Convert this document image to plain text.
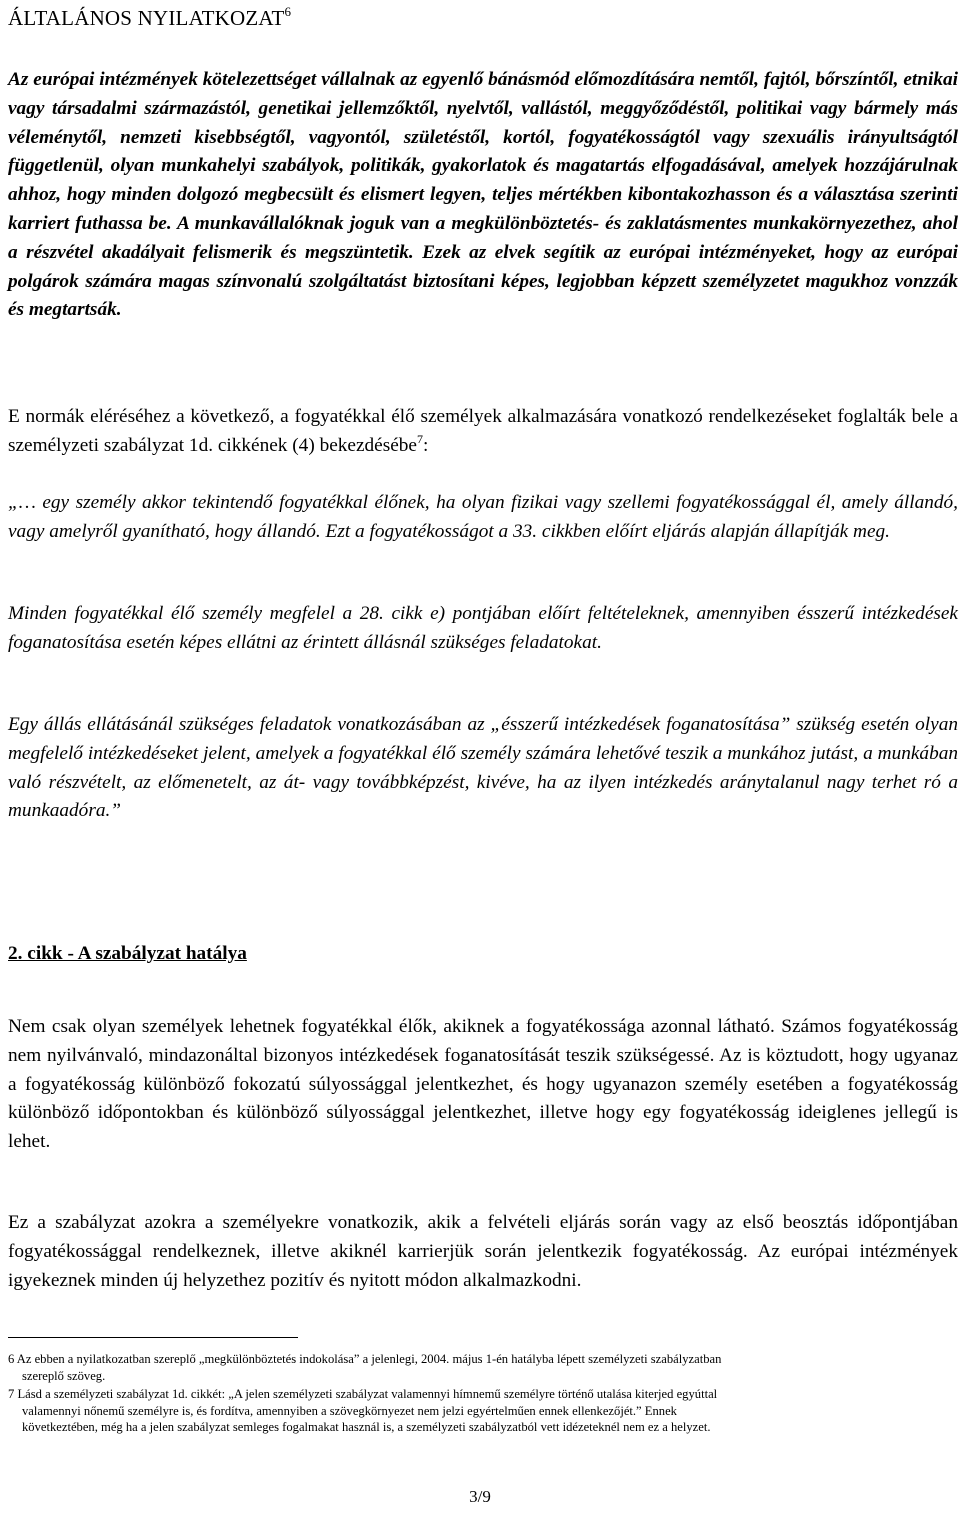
ÁLTALÁNOS NYILATKOZAT$^6$

Az európai intézmények kötelezettséget vállalnak az egyenlő bánásmód előmozdítására nemtől, fajtól, bőrszíntől, etnikai vagy társadalmi származástól, genetikai jellemzőktől, nyelvtől, vallástól, meggyőződéstől, politikai vagy bármely más véleménytől, nemzeti kisebbségtől, vagyontól, születéstől, kortól, fogyatékosságtól vagy szexuális irányultságtól függetlenül, olyan munkahelyi szabályok, politikák, gyakorlatok és magatartás elfogadásával, amelyek hozzájárulnak ahhoz, hogy minden dolgozó megbecsült és elismert legyen, teljes mértékben kibontakozhasson és a választása szerinti karriert futhassa be. A munkavállalóknak joguk van a megkülönböztetés- és zaklatásmentes munkakörnyezethez, ahol a részvétel akadályait felismerik és megszüntetik. Ezek az elvek segítik az európai intézményeket, hogy az európai polgárok számára magas színvonalú szolgáltatást biztosítani képes, legjobban képzett személyzetet magukhoz vonzzák és megtartsák.

E normák eléréséhez a következő, a fogyatékkal élő személyek alkalmazására vonatkozó rendelkezéseket foglalták bele a személyzeti szabályzat 1d. cikkének (4) bekezdésébe$^7$:

„… egy személy akkor tekintendő fogyatékkal élőnek, ha olyan fizikai vagy szellemi fogyatékossággal él, amely állandó, vagy amelyről gyanítható, hogy állandó. Ezt a fogyatékosságot a 33. cikkben előírt eljárás alapján állapítják meg.

Minden fogyatékkal élő személy megfelel a 28. cikk e) pontjában előírt feltételeknek, amennyiben ésszerű intézkedések foganatosítása esetén képes ellátni az érintett állásnál szükséges feladatokat.

Egy állás ellátásánál szükséges feladatok vonatkozásában az „ésszerű intézkedések foganatosítása” szükség esetén olyan megfelelő intézkedéseket jelent, amelyek a fogyatékkal élő személy számára lehetővé teszik a munkához jutást, a munkában való részvételt, az előmenetelt, az át- vagy továbbképzést, kivéve, ha az ilyen intézkedés aránytalanul nagy terhet ró a munkaadóra.”

2. cikk - A szabályzat hatálya

Nem csak olyan személyek lehetnek fogyatékkal élők, akiknek a fogyatékossága azonnal látható. Számos fogyatékosság nem nyilvánvaló, mindazonáltal bizonyos intézkedések foganatosítását teszik szükségessé. Az is köztudott, hogy ugyanaz a fogyatékosság különböző fokozatú súlyossággal jelentkezhet, és hogy ugyanazon személy esetében a fogyatékosság különböző időpontokban és különböző súlyossággal jelentkezhet, illetve hogy egy fogyatékosság ideiglenes jellegű is lehet.

Ez a szabályzat azokra a személyekre vonatkozik, akik a felvételi eljárás során vagy az első beosztás időpontjában fogyatékossággal rendelkeznek, illetve akiknél karrierjük során jelentkezik fogyatékosság. Az európai intézmények igyekeznek minden új helyzethez pozitív és nyitott módon alkalmazkodni.

6 Az ebben a nyilatkozatban szereplő „megkülönböztetés indokolása” a jelenlegi, 2004. május 1-én hatályba lépett személyzeti szabályzatban
szereplő szöveg.

7 Lásd a személyzeti szabályzat 1d. cikkét: „A jelen személyzeti szabályzat valamennyi hímnemű személyre történő utalása kiterjed egyúttal
valamennyi nőnemű személyre is, és fordítva, amennyiben a szövegkörnyezet nem jelzi egyértelműen ennek ellenkezőjét.” Ennek
következtében, még ha a jelen szabályzat semleges fogalmakat használ is, a személyzeti szabályzatból vett idézeteknél nem ez a helyzet.

3/9
